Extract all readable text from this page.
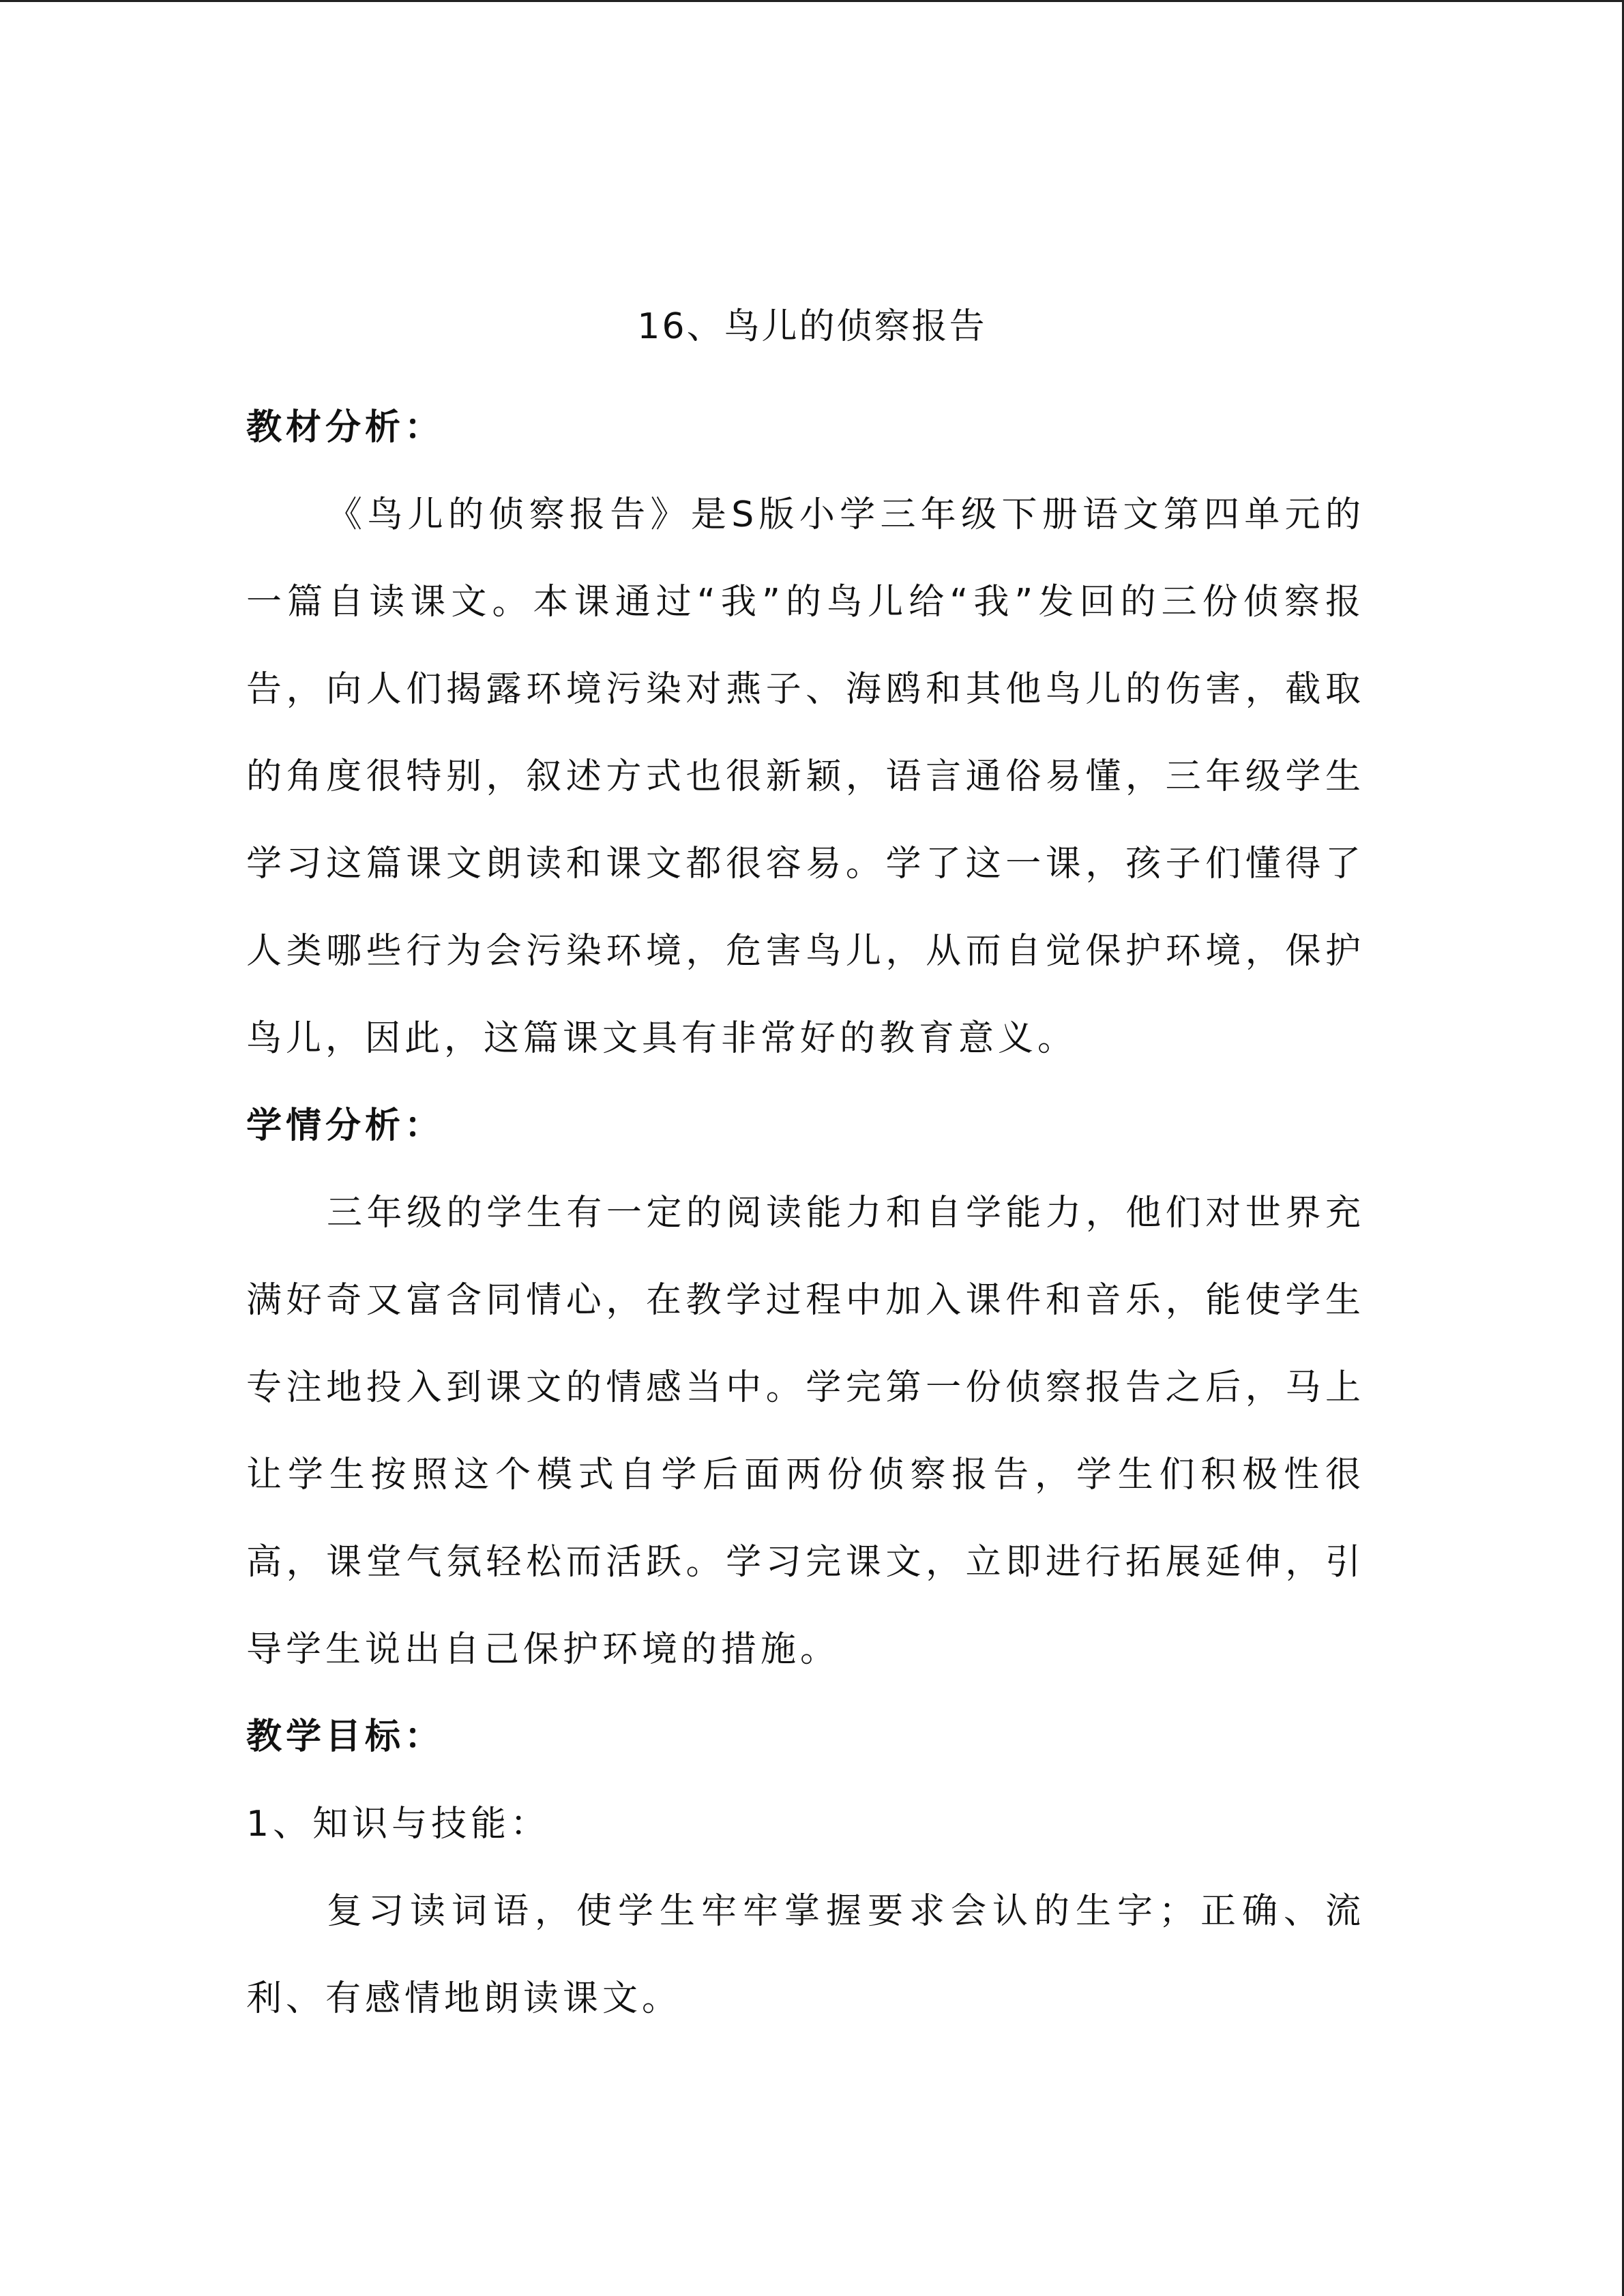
16、鸟儿的侦察报告
教材分析：

《鸟儿的侦察报告》是S版小学三年级下册语文第四单元的一篇自读课文。本课通过“我”的鸟儿给“我”发回的三份侦察报告，向人们揭露环境污染对燕子、海鸥和其他鸟儿的伤害，截取的角度很特别，叙述方式也很新颖，语言通俗易懂，三年级学生学习这篇课文朗读和课文都很容易。学了这一课，孩子们懂得了人类哪些行为会污染环境，危害鸟儿，从而自觉保护环境，保护鸟儿，因此，这篇课文具有非常好的教育意义。

学情分析：

三年级的学生有一定的阅读能力和自学能力，他们对世界充满好奇又富含同情心，在教学过程中加入课件和音乐，能使学生专注地投入到课文的情感当中。学完第一份侦察报告之后，马上让学生按照这个模式自学后面两份侦察报告，学生们积极性很高，课堂气氛轻松而活跃。学习完课文，立即进行拓展延伸，引导学生说出自己保护环境的措施。

教学目标：
1、知识与技能：

复习读词语，使学生牢牢掌握要求会认的生字；正确、流利、有感情地朗读课文。
